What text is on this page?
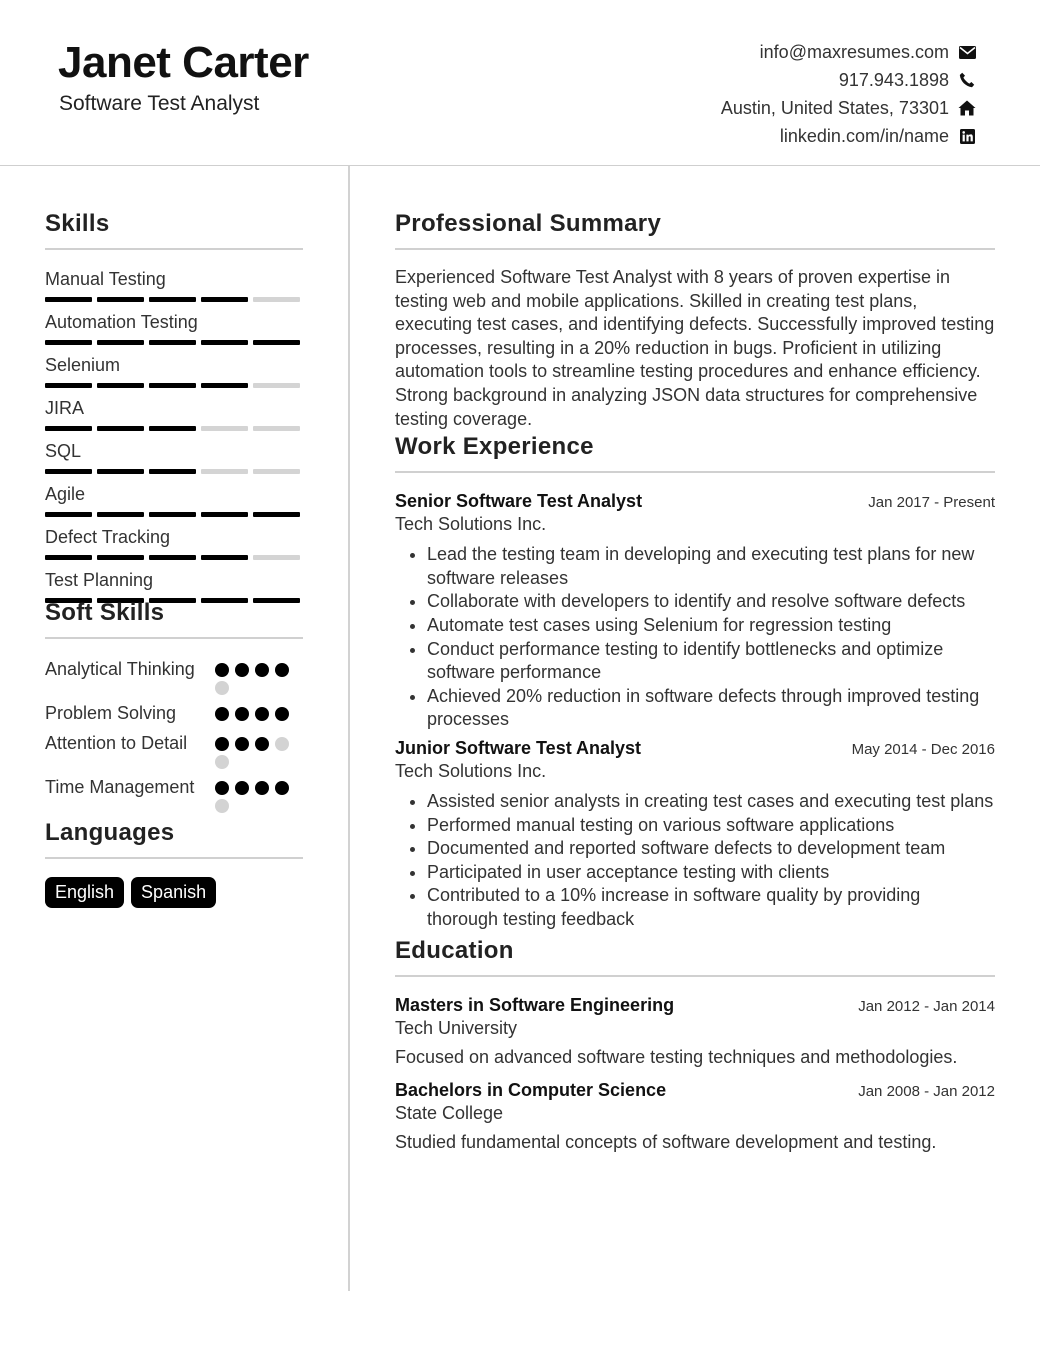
Janet Carter
Software Test Analyst
info@maxresumes.com
917.943.1898
Austin, United States, 73301
linkedin.com/in/name
Skills
Manual Testing
Automation Testing
Selenium
JIRA
SQL
Agile
Defect Tracking
Test Planning
Soft Skills
Analytical Thinking
Problem Solving
Attention to Detail
Time Management
Languages
English	Spanish
Professional Summary
Experienced Software Test Analyst with 8 years of proven expertise in testing web and mobile applications. Skilled in creating test plans, executing test cases, and identifying defects. Successfully improved testing processes, resulting in a 20% reduction in bugs. Proficient in utilizing automation tools to streamline testing procedures and enhance efficiency. Strong background in analyzing JSON data structures for comprehensive testing coverage.
Work Experience
Senior Software Test Analyst	Jan 2017 - Present
Tech Solutions Inc.
• Lead the testing team in developing and executing test plans for new software releases
• Collaborate with developers to identify and resolve software defects
• Automate test cases using Selenium for regression testing
• Conduct performance testing to identify bottlenecks and optimize software performance
• Achieved 20% reduction in software defects through improved testing processes
Junior Software Test Analyst	May 2014 - Dec 2016
Tech Solutions Inc.
• Assisted senior analysts in creating test cases and executing test plans
• Performed manual testing on various software applications
• Documented and reported software defects to development team
• Participated in user acceptance testing with clients
• Contributed to a 10% increase in software quality by providing thorough testing feedback
Education
Masters in Software Engineering	Jan 2012 - Jan 2014
Tech University
Focused on advanced software testing techniques and methodologies.
Bachelors in Computer Science	Jan 2008 - Jan 2012
State College
Studied fundamental concepts of software development and testing.
